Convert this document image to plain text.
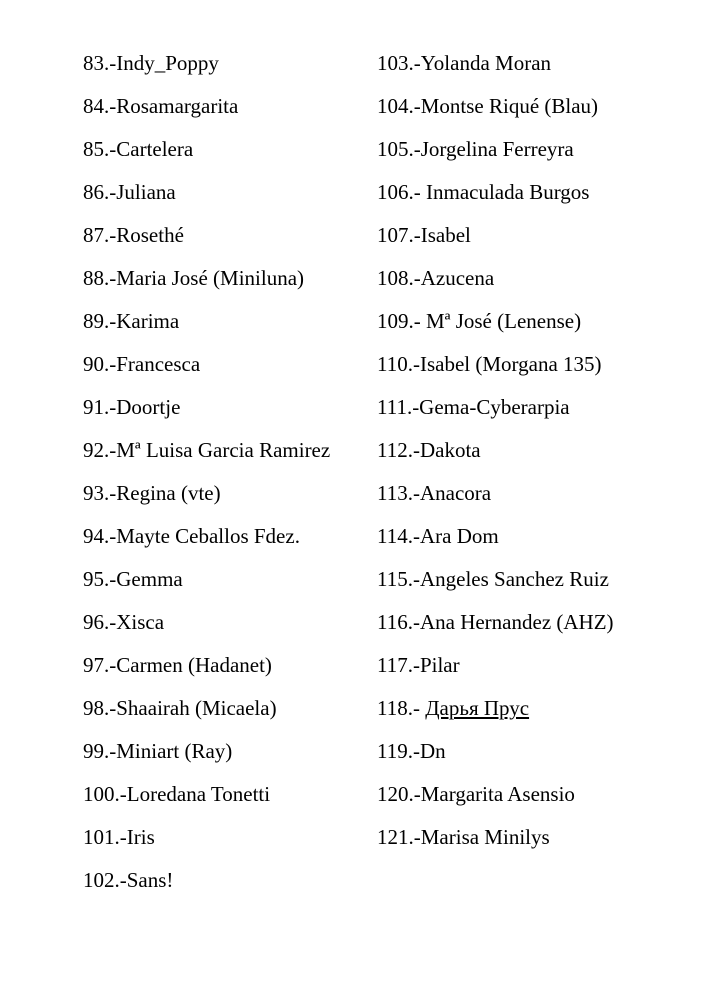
83.-Indy_Poppy
84.-Rosamargarita
85.-Cartelera
86.-Juliana
87.-Rosethé
88.-Maria José (Miniluna)
89.-Karima
90.-Francesca
91.-Doortje
92.-Mª Luisa Garcia Ramirez
93.-Regina (vte)
94.-Mayte Ceballos Fdez.
95.-Gemma
96.-Xisca
97.-Carmen (Hadanet)
98.-Shaairah (Micaela)
99.-Miniart (Ray)
100.-Loredana Tonetti
101.-Iris
102.-Sans!
103.-Yolanda Moran
104.-Montse Riqué (Blau)
105.-Jorgelina Ferreyra
106.- Inmaculada Burgos
107.-Isabel
108.-Azucena
109.- Mª José (Lenense)
110.-Isabel (Morgana 135)
111.-Gema-Cyberarpia
112.-Dakota
113.-Anacora
114.-Ara Dom
115.-Angeles Sanchez Ruiz
116.-Ana Hernandez (AHZ)
117.-Pilar
118.- Дарья Прус
119.-Dn
120.-Margarita Asensio
121.-Marisa Minilys
